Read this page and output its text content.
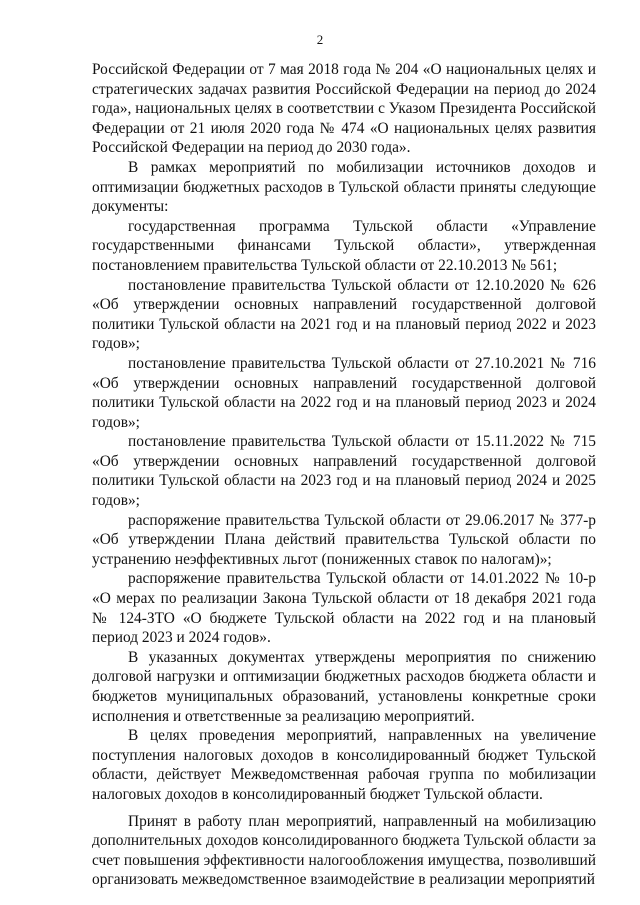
2

Российской Федерации от 7 мая 2018 года № 204 «О национальных целях и стратегических задачах развития Российской Федерации на период до 2024 года», национальных целях в соответствии с Указом Президента Российской Федерации от 21 июля 2020 года № 474 «О национальных целях развития Российской Федерации на период до 2030 года».

В рамках мероприятий по мобилизации источников доходов и оптимизации бюджетных расходов в Тульской области приняты следующие документы:

государственная программа Тульской области «Управление государственными финансами Тульской области», утвержденная постановлением правительства Тульской области от 22.10.2013 № 561;

постановление правительства Тульской области от 12.10.2020 № 626 «Об утверждении основных направлений государственной долговой политики Тульской области на 2021 год и на плановый период 2022 и 2023 годов»;

постановление правительства Тульской области от 27.10.2021 № 716 «Об утверждении основных направлений государственной долговой политики Тульской области на 2022 год и на плановый период 2023 и 2024 годов»;

постановление правительства Тульской области от 15.11.2022 № 715 «Об утверждении основных направлений государственной долговой политики Тульской области на 2023 год и на плановый период 2024 и 2025 годов»;

распоряжение правительства Тульской области от 29.06.2017 № 377-р «Об утверждении Плана действий правительства Тульской области по устранению неэффективных льгот (пониженных ставок по налогам)»;

распоряжение правительства Тульской области от 14.01.2022 № 10-р «О мерах по реализации Закона Тульской области от 18 декабря 2021 года № 124-ЗТО «О бюджете Тульской области на 2022 год и на плановый период 2023 и 2024 годов».

В указанных документах утверждены мероприятия по снижению долговой нагрузки и оптимизации бюджетных расходов бюджета области и бюджетов муниципальных образований, установлены конкретные сроки исполнения и ответственные за реализацию мероприятий.

В целях проведения мероприятий, направленных на увеличение поступления налоговых доходов в консолидированный бюджет Тульской области, действует Межведомственная рабочая группа по мобилизации налоговых доходов в консолидированный бюджет Тульской области.

Принят в работу план мероприятий, направленный на мобилизацию дополнительных доходов консолидированного бюджета Тульской области за счет повышения эффективности налогообложения имущества, позволивший организовать межведомственное взаимодействие в реализации мероприятий
